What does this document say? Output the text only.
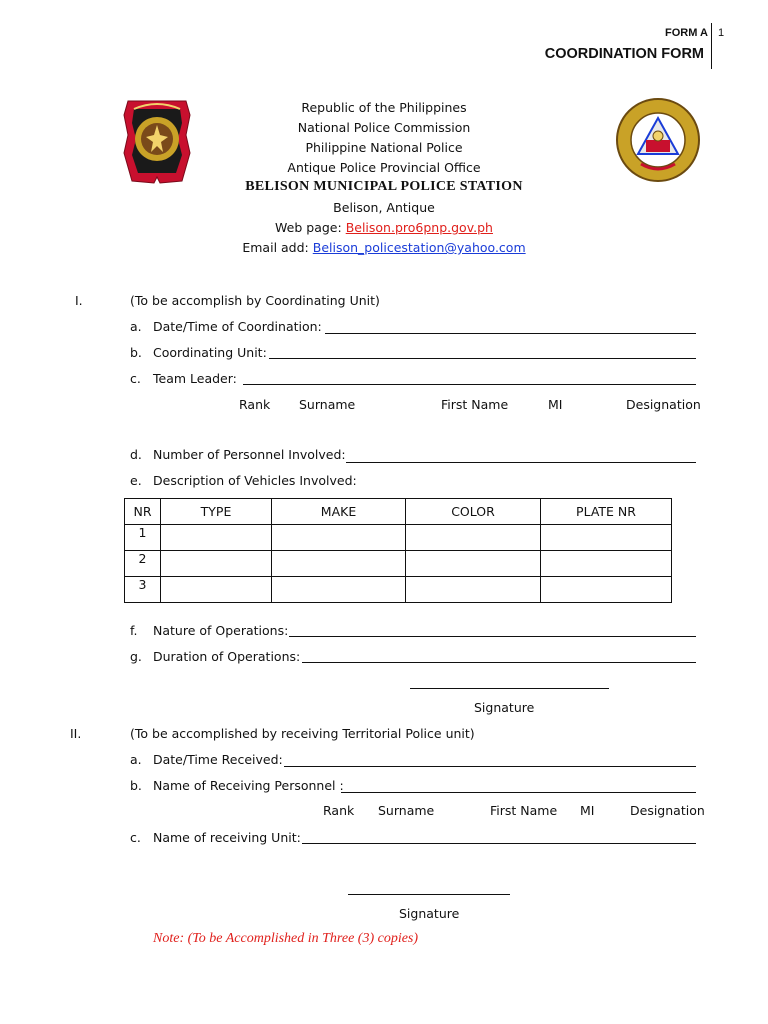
FORM A 1
COORDINATION FORM
Republic of the Philippines
National Police Commission
Philippine National Police
Antique Police Provincial Office
BELISON MUNICIPAL POLICE STATION
Belison, Antique
Web page: Belison.pro6pnp.gov.ph
Email add: Belison_policestation@yahoo.com
I.	(To be accomplish by Coordinating Unit)
a. Date/Time of Coordination:
b. Coordinating Unit:
c. Team Leader:
Rank Surname	First Name	MI	Designation
d. Number of Personnel Involved:
e. Description of Vehicles Involved:
NR	TYPE	MAKE	COLOR	PLATE NR
1				
2				
3				
f. Nature of Operations:
g. Duration of Operations:
Signature
II.	(To be accomplished by receiving Territorial Police unit)
a. Date/Time Received:
b. Name of Receiving Personnel :
Rank Surname	First Name MI	Designation
c. Name of receiving Unit:
Signature
Note: (To be Accomplished in Three (3) copies)
